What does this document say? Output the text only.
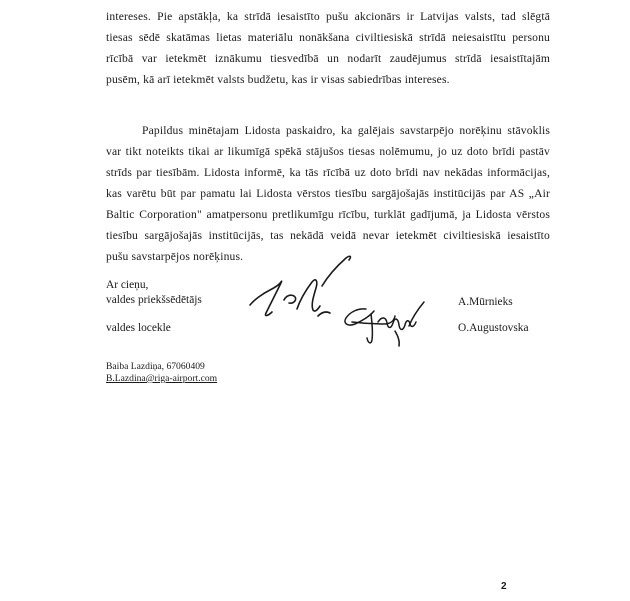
intereses. Pie apstākļa, ka strīdā iesaistīto pušu akcionārs ir Latvijas valsts, tad slēgtā
tiesas sēdē skatāmas lietas materiālu nonākšana civiltiesiskā strīdā neiesaistītu personu
rīcībā var ietekmēt iznākumu tiesvedībā un nodarīt zaudējumus strīdā iesaistītajām
pusēm, kā arī ietekmēt valsts budžetu, kas ir visas sabiedrības intereses.
Papildus minētajam Lidosta paskaidro, ka galējais savstarpējo norēķinu stāvoklis
var tikt noteikts tikai ar likumīgā spēkā stājušos tiesas nolēmumu, jo uz doto brīdi pastāv
strīds par tiesībām. Lidosta informē, ka tās rīcībā uz doto brīdi nav nekādas informācijas,
kas varētu būt par pamatu lai Lidosta vērstos tiesību sargājošajās institūcijās par AS „Air
Baltic Corporation" amatpersonu pretlikumīgu rīcību, turklāt gadījumā, ja Lidosta vērstos
tiesību sargājošajās institūcijās, tas nekādā veidā nevar ietekmēt civiltiesiskā iesaistīto
pušu savstarpējos norēķinus.
Ar cieņu,
valdes priekšsēdētājs
valdes locekle
A.Mūrnieks
O.Augustovska
Baiba Lazdiņa, 67060409
B.Lazdina@riga-airport.com
2
